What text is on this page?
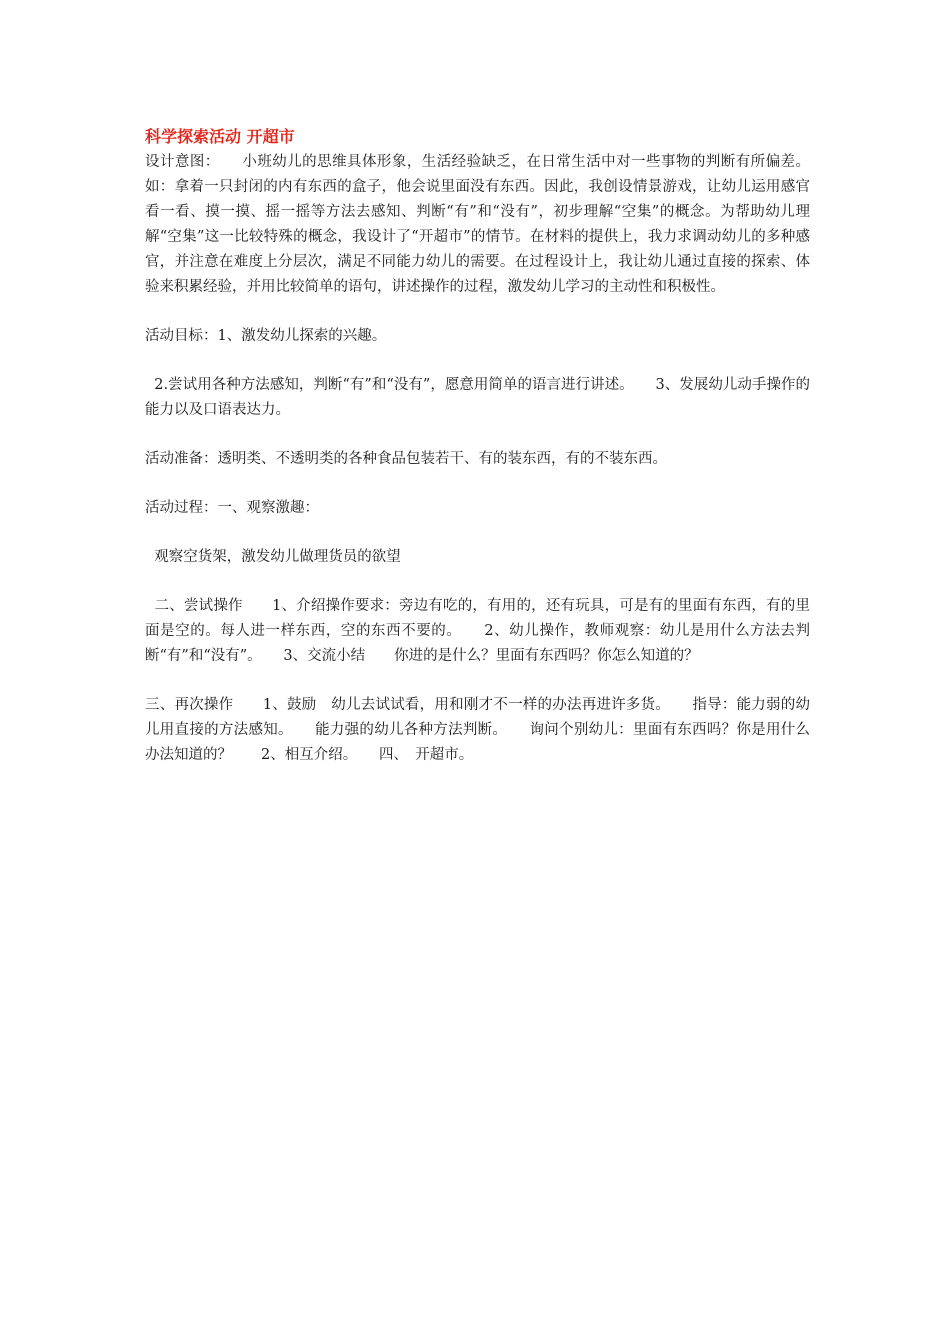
科学探索活动 开超市

设计意图：　　小班幼儿的思维具体形象，生活经验缺乏，在日常生活中对一些事物的判断有所偏差。如：拿着一只封闭的内有东西的盒子，他会说里面没有东西。因此，我创设情景游戏，让幼儿运用感官看一看、摸一摸、摇一摇等方法去感知、判断“有”和“没有”，初步理解“空集”的概念。为帮助幼儿理解“空集”这一比较特殊的概念，我设计了“开超市”的情节。在材料的提供上，我力求调动幼儿的多种感官，并注意在难度上分层次，满足不同能力幼儿的需要。在过程设计上，我让幼儿通过直接的探索、体验来积累经验，并用比较简单的语句，讲述操作的过程，激发幼儿学习的主动性和积极性。

活动目标：1、激发幼儿探索的兴趣。

2.尝试用各种方法感知，判断“有”和“没有”，愿意用简单的语言进行讲述。　　3、发展幼儿动手操作的能力以及口语表达力。

活动准备：透明类、不透明类的各种食品包装若干、有的装东西，有的不装东西。

活动过程：一、观察激趣：

观察空货架，激发幼儿做理货员的欲望

二、尝试操作　　1、介绍操作要求：旁边有吃的，有用的，还有玩具，可是有的里面有东西，有的里面是空的。每人进一样东西，空的东西不要的。　　2、幼儿操作，教师观察：幼儿是用什么方法去判断“有”和“没有”。　　3、交流小结　　你进的是什么？里面有东西吗？你怎么知道的？

三、再次操作　　1、鼓励　幼儿去试试看，用和刚才不一样的办法再进许多货。　　指导：能力弱的幼儿用直接的方法感知。　　能力强的幼儿各种方法判断。　　询问个别幼儿：里面有东西吗？你是用什么办法知道的？　　2、相互介绍。　　四、　开超市。
